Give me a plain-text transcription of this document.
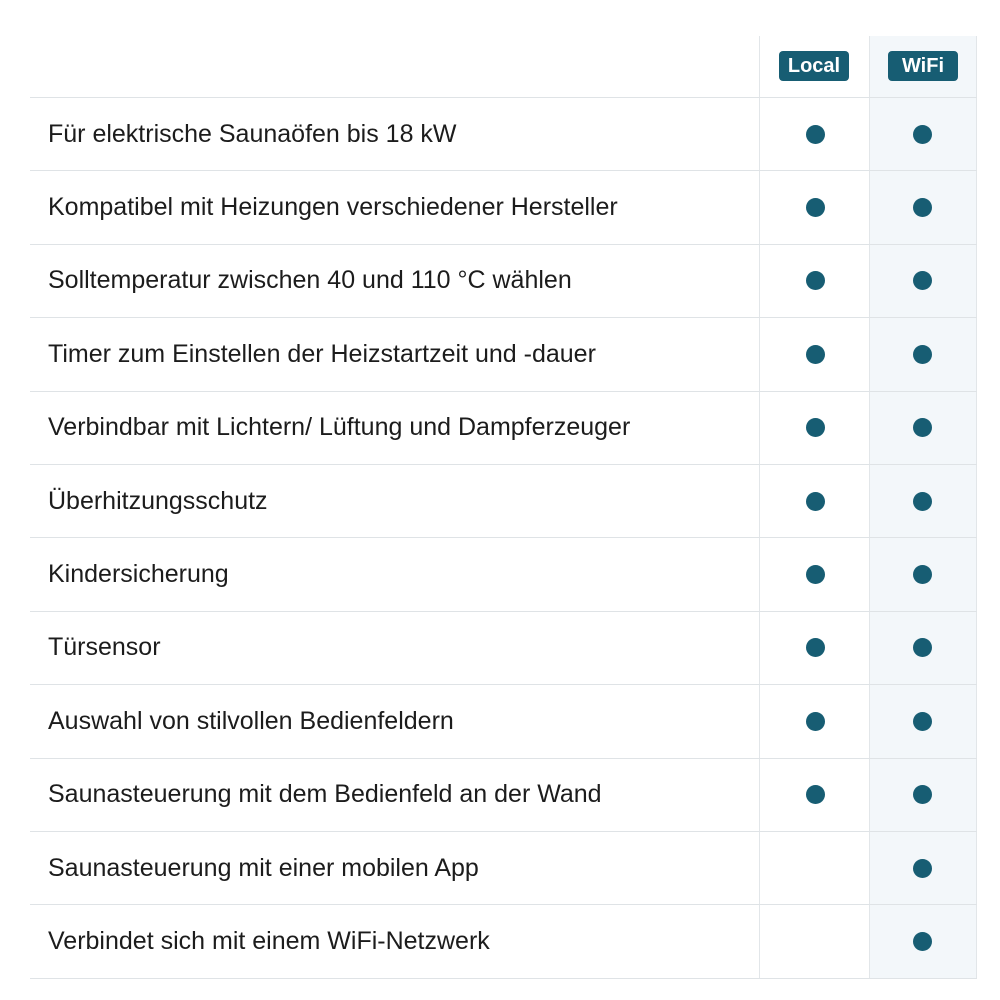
Local	WiFi
Für elektrische Saunaöfen bis 18 kW
Kompatibel mit Heizungen verschiedener Hersteller
Solltemperatur zwischen 40 und 110 °C wählen
Timer zum Einstellen der Heizstartzeit und -dauer
Verbindbar mit Lichtern/ Lüftung und Dampferzeuger
Überhitzungsschutz
Kindersicherung
Türsensor
Auswahl von stilvollen Bedienfeldern
Saunasteuerung mit dem Bedienfeld an der Wand
Saunasteuerung mit einer mobilen App
Verbindet sich mit einem WiFi-Netzwerk
